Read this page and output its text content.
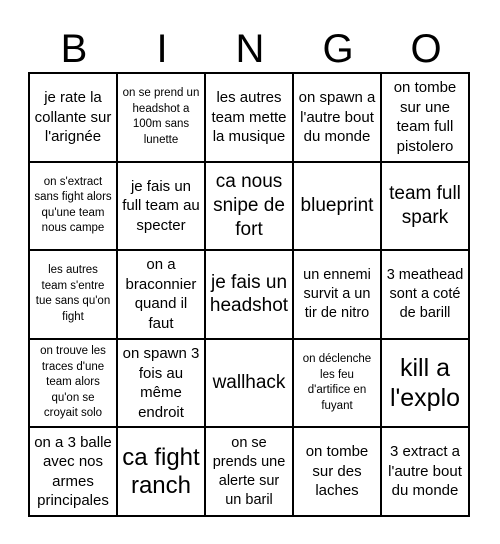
B	I	N	G	O
je rate la collante sur l'arignée
on se prend un headshot a 100m sans lunette
les autres team mette la musique
on spawn a l'autre bout du monde
on tombe sur une team full pistolero
on s'extract sans fight alors qu'une team nous campe
je fais un full team au specter
ca nous snipe de fort
blueprint
team full spark
les autres team s'entre tue sans qu'on fight
on a braconnier quand il faut
je fais un headshot
un ennemi survit a un tir de nitro
3 meathead sont a coté de barill
on trouve les traces d'une team alors qu'on se croyait solo
on spawn 3 fois au même endroit
wallhack
on déclenche les feu d'artifice en fuyant
kill a l'explo
on a 3 balle avec nos armes principales
ca fight ranch
on se prends une alerte sur un baril
on tombe sur des laches
3 extract a l'autre bout du monde
